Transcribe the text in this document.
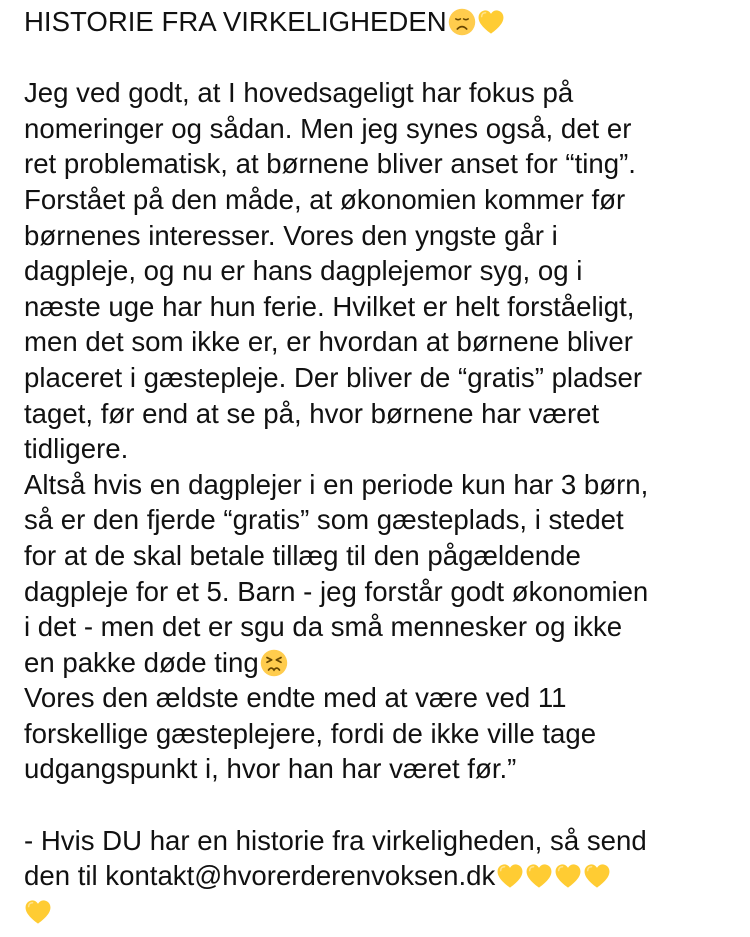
HISTORIE FRA VIRKELIGHEDEN
Jeg ved godt, at I hovedsageligt har fokus på
nomeringer og sådan. Men jeg synes også, det er
ret problematisk, at børnene bliver anset for “ting”.
Forstået på den måde, at økonomien kommer før
børnenes interesser. Vores den yngste går i
dagpleje, og nu er hans dagplejemor syg, og i
næste uge har hun ferie. Hvilket er helt forståeligt,
men det som ikke er, er hvordan at børnene bliver
placeret i gæstepleje. Der bliver de “gratis” pladser
taget, før end at se på, hvor børnene har været
tidligere.
Altså hvis en dagplejer i en periode kun har 3 børn,
så er den fjerde “gratis” som gæsteplads, i stedet
for at de skal betale tillæg til den pågældende
dagpleje for et 5. Barn - jeg forstår godt økonomien
i det - men det er sgu da små mennesker og ikke
en pakke døde ting
Vores den ældste endte med at være ved 11
forskellige gæsteplejere, fordi de ikke ville tage
udgangspunkt i, hvor han har været før.”
- Hvis DU har en historie fra virkeligheden, så send
den til kontakt@hvorerderenvoksen.dk
